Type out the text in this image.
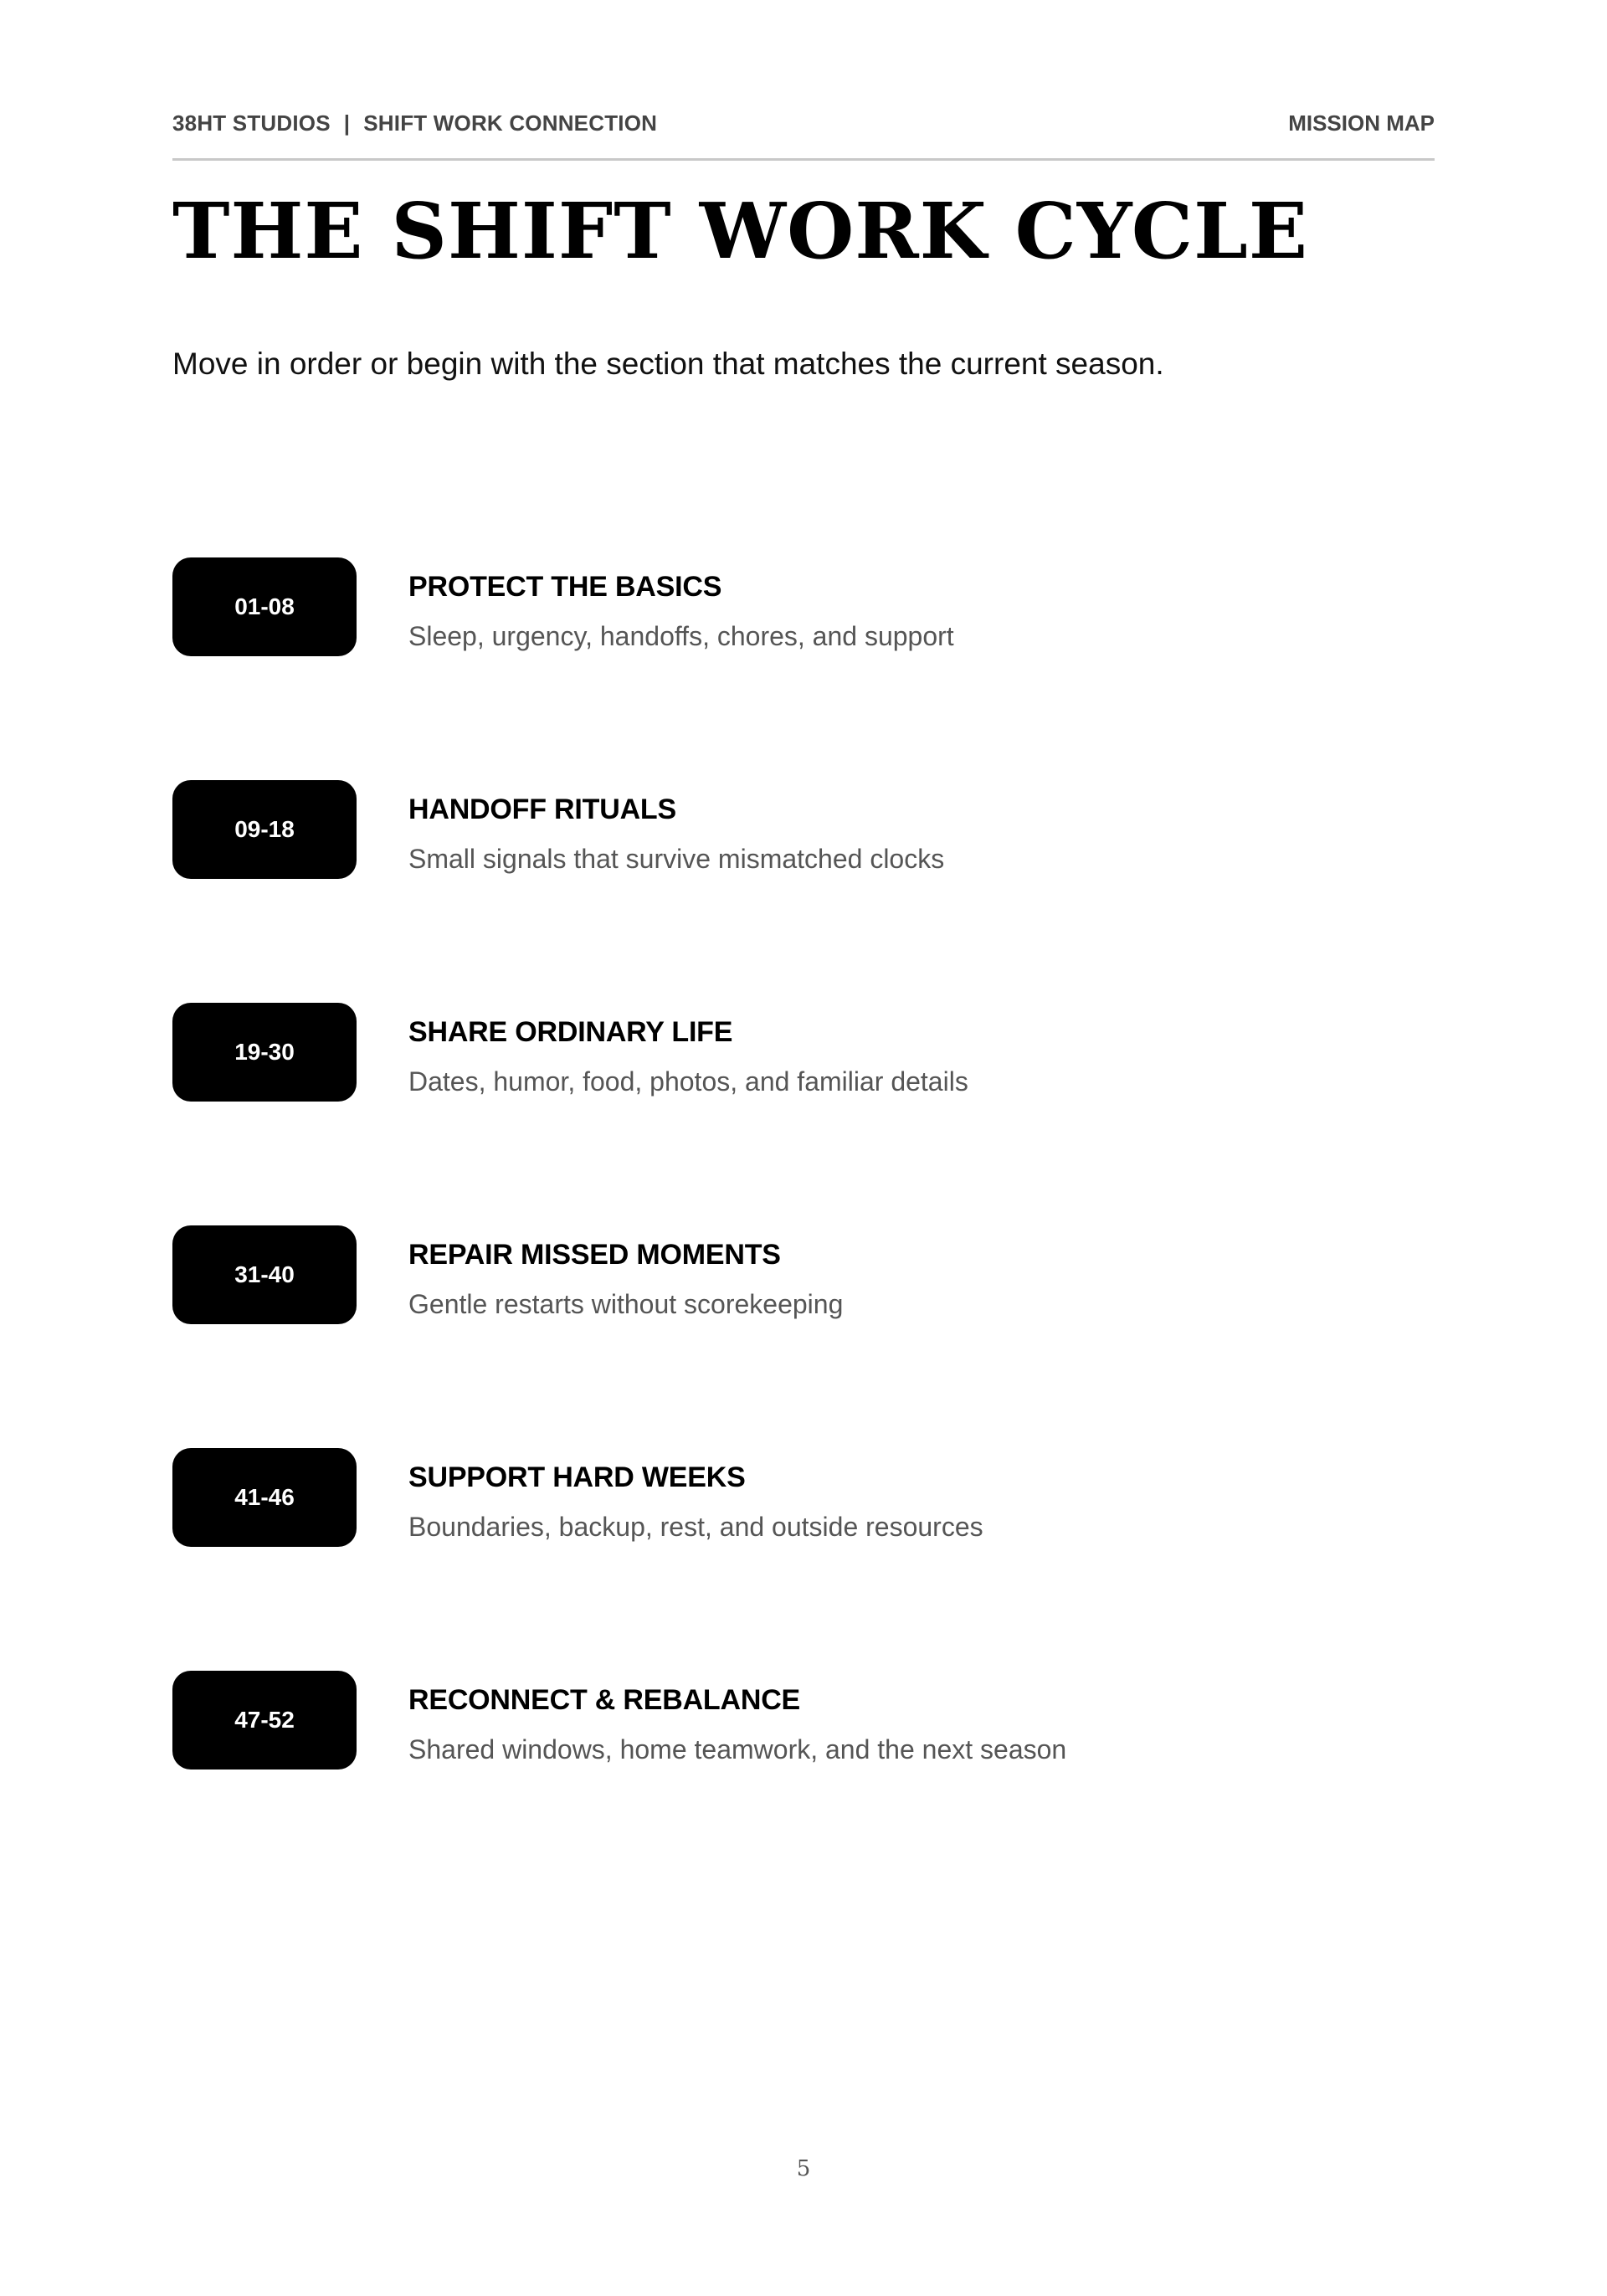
38HT STUDIOS | SHIFT WORK CONNECTION	MISSION MAP
THE SHIFT WORK CYCLE

Move in order or begin with the section that matches the current season.

01-08
PROTECT THE BASICS
Sleep, urgency, handoffs, chores, and support
09-18
HANDOFF RITUALS
Small signals that survive mismatched clocks
19-30
SHARE ORDINARY LIFE
Dates, humor, food, photos, and familiar details
31-40
REPAIR MISSED MOMENTS
Gentle restarts without scorekeeping
41-46
SUPPORT HARD WEEKS
Boundaries, backup, rest, and outside resources
47-52
RECONNECT & REBALANCE
Shared windows, home teamwork, and the next season
5
